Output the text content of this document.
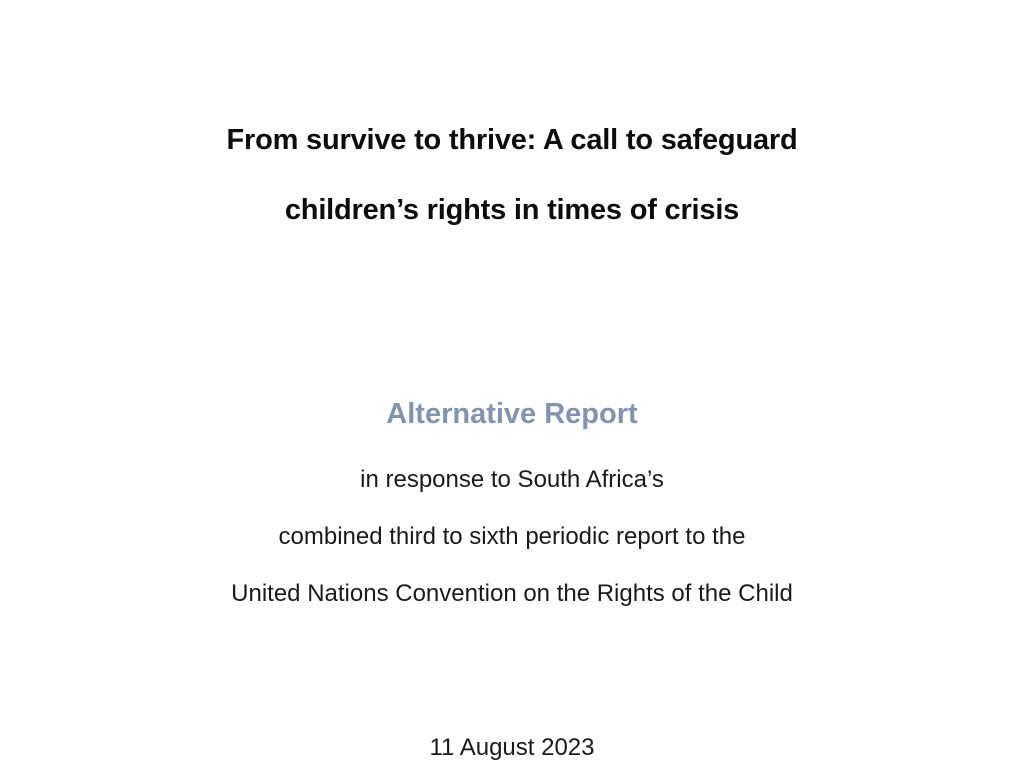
From survive to thrive: A call to safeguard
children’s rights in times of crisis
Alternative Report
in response to South Africa’s
combined third to sixth periodic report to the
United Nations Convention on the Rights of the Child
11 August 2023
